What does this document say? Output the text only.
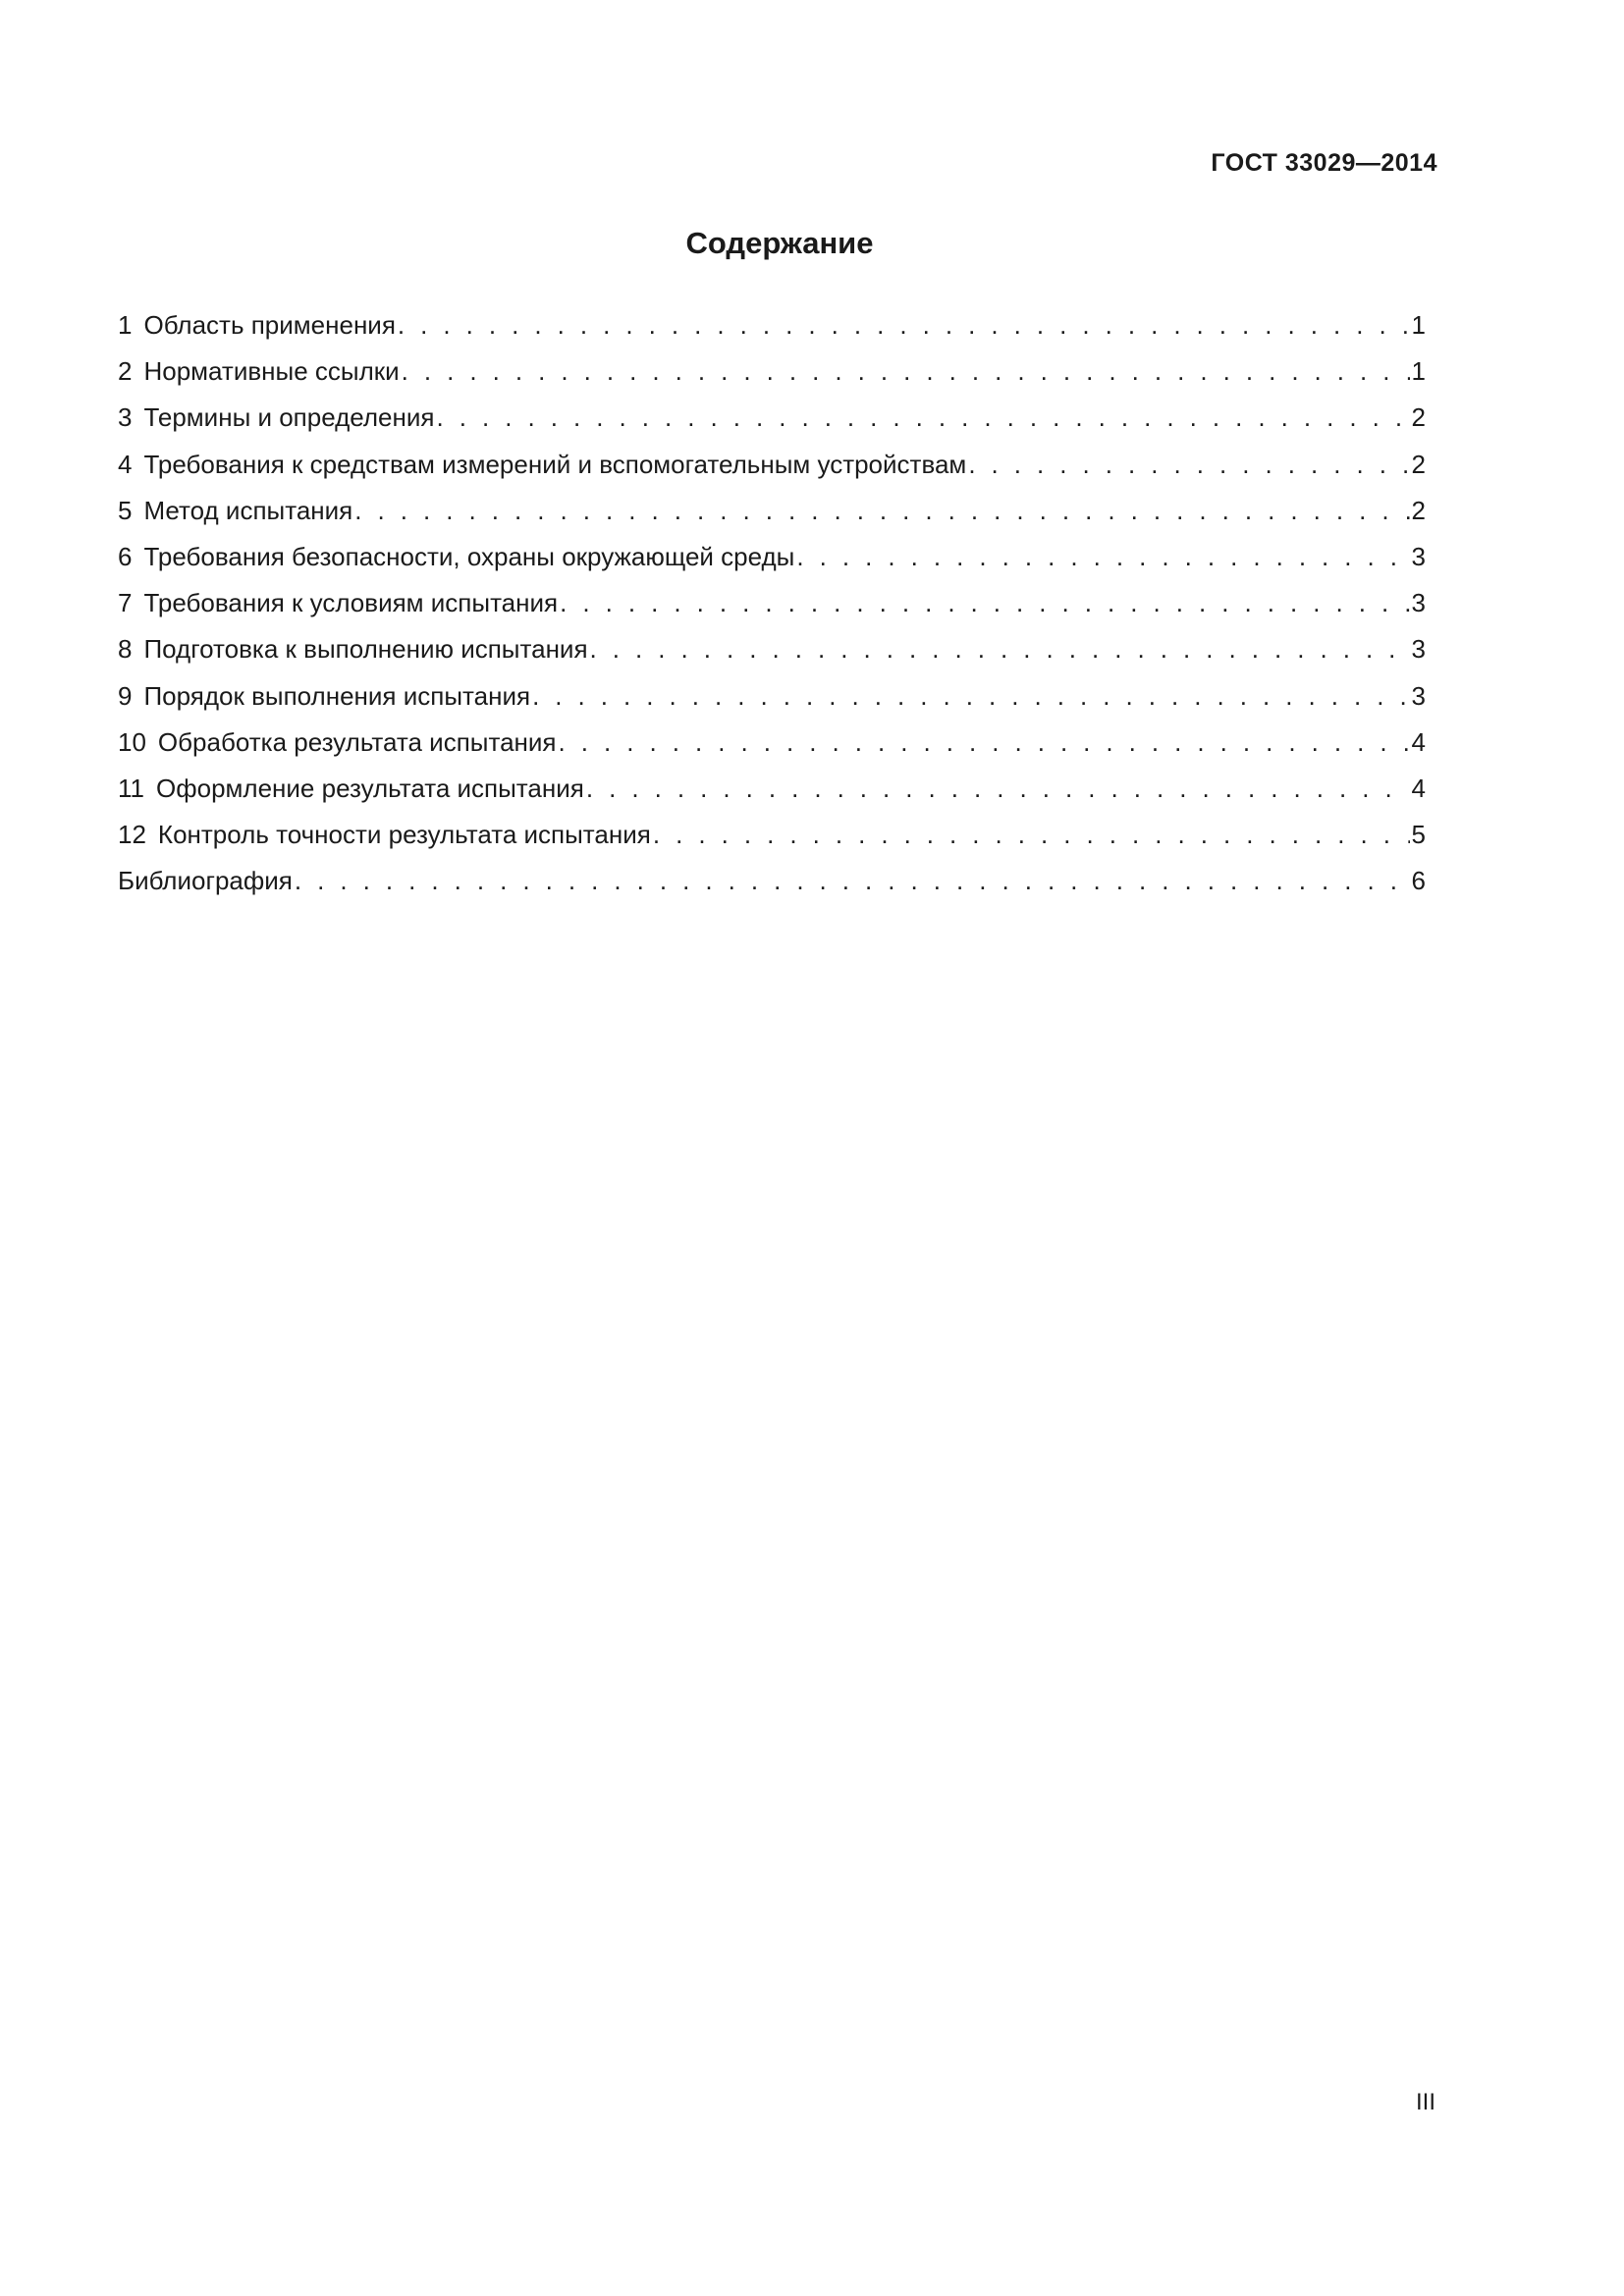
ГОСТ 33029—2014
Содержание
1 Область применения . . .	1
2 Нормативные ссылки . . .	1
3 Термины и определения . . .	2
4 Требования к средствам измерений и вспомогательным устройствам . . .	2
5 Метод испытания . . .	2
6 Требования безопасности, охраны окружающей среды . . .	3
7 Требования к условиям испытания . . .	3
8 Подготовка к выполнению испытания . . .	3
9 Порядок выполнения испытания . . .	3
10 Обработка результата испытания . . .	4
11 Оформление результата испытания . . .	4
12 Контроль точности результата испытания . . .	5
Библиография . . .	6
III
